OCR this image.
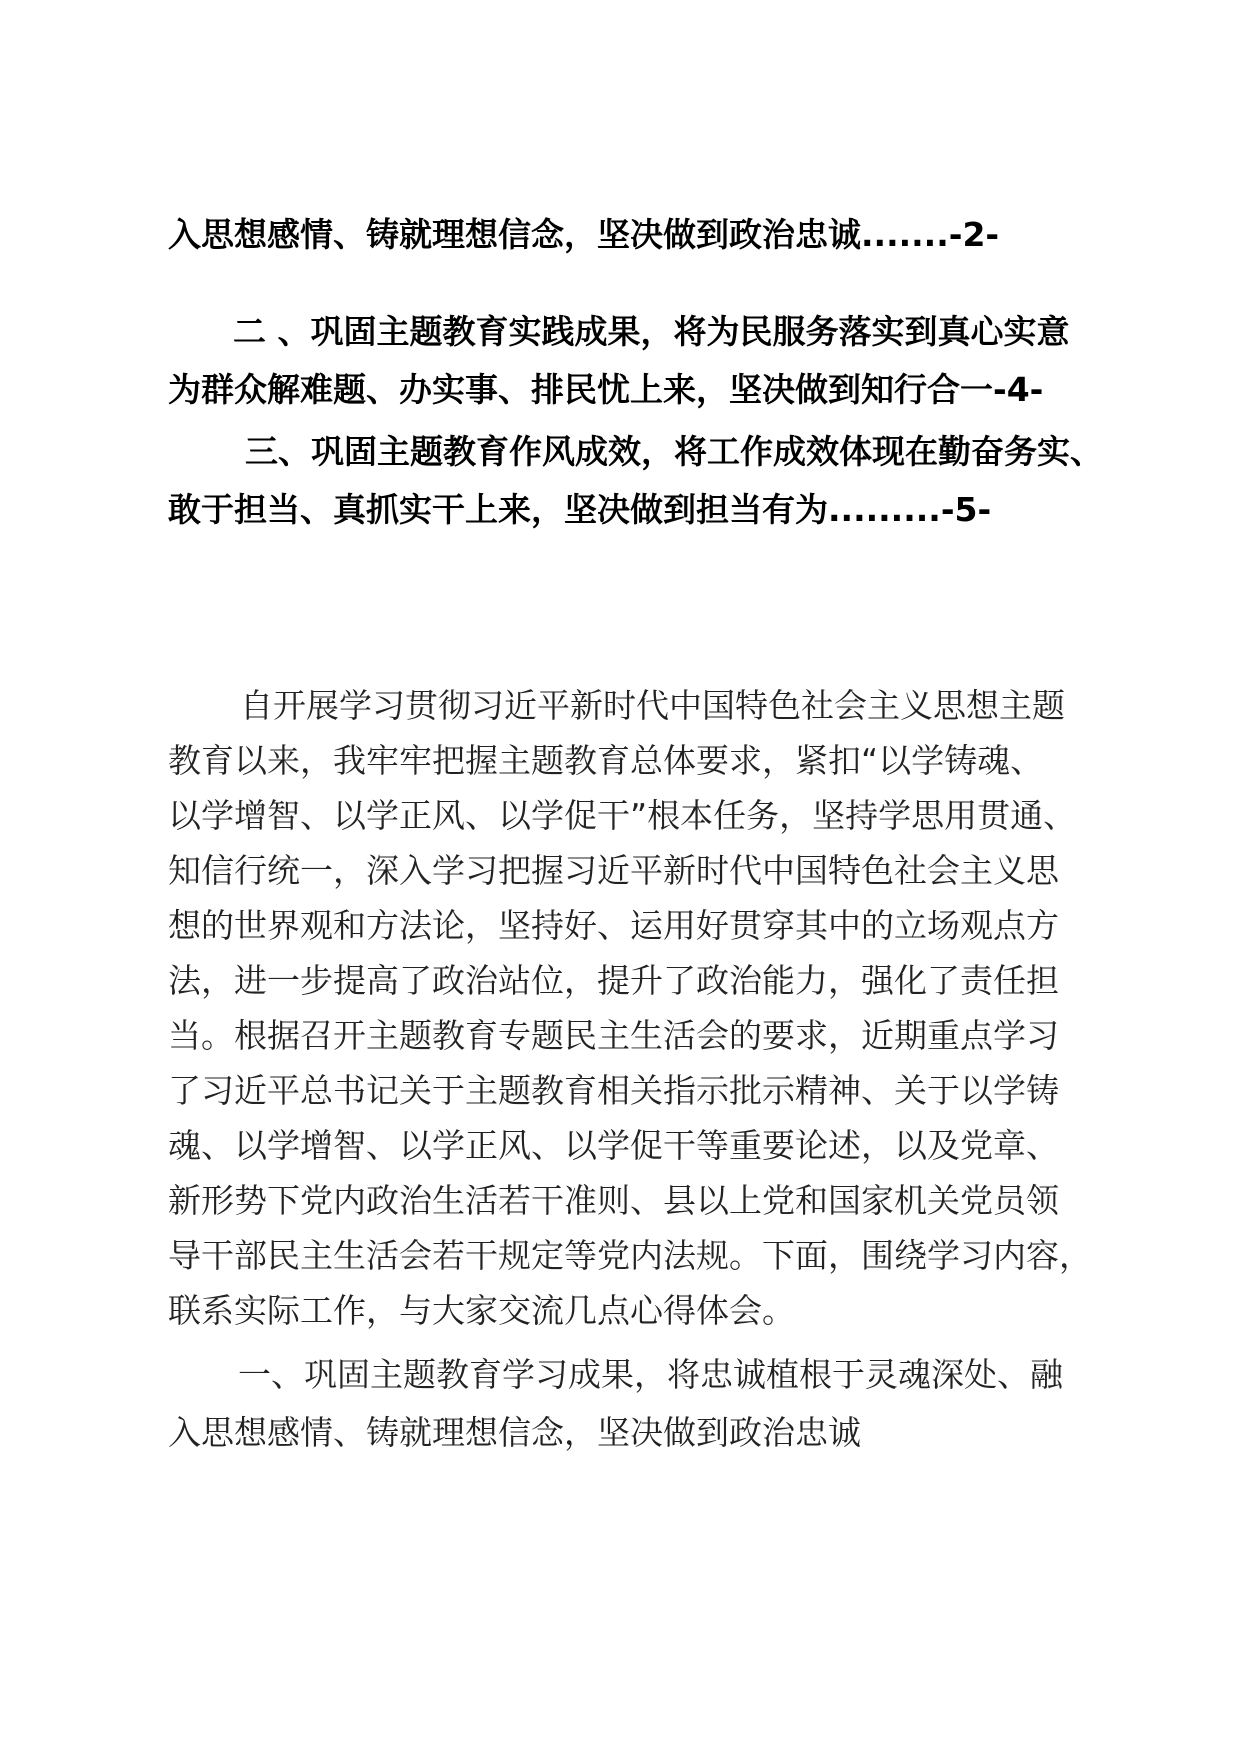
入思想感情、铸就理想信念，坚决做到政治忠诚.......-2-
二 、巩固主题教育实践成果，将为民服务落实到真心实意
为群众解难题、办实事、排民忧上来，坚决做到知行合一-4-
三、巩固主题教育作风成效，将工作成效体现在勤奋务实、
敢于担当、真抓实干上来，坚决做到担当有为.........-5-
自开展学习贯彻习近平新时代中国特色社会主义思想主题
教育以来，我牢牢把握主题教育总体要求，紧扣“以学铸魂、
以学增智、以学正风、以学促干”根本任务，坚持学思用贯通、
知信行统一，深入学习把握习近平新时代中国特色社会主义思
想的世界观和方法论，坚持好、运用好贯穿其中的立场观点方
法，进一步提高了政治站位，提升了政治能力，强化了责任担
当。根据召开主题教育专题民主生活会的要求，近期重点学习
了习近平总书记关于主题教育相关指示批示精神、关于以学铸
魂、以学增智、以学正风、以学促干等重要论述，以及党章、
新形势下党内政治生活若干准则、县以上党和国家机关党员领
导干部民主生活会若干规定等党内法规。下面，围绕学习内容，
联系实际工作，与大家交流几点心得体会。
一、巩固主题教育学习成果，将忠诚植根于灵魂深处、融
入思想感情、铸就理想信念，坚决做到政治忠诚
